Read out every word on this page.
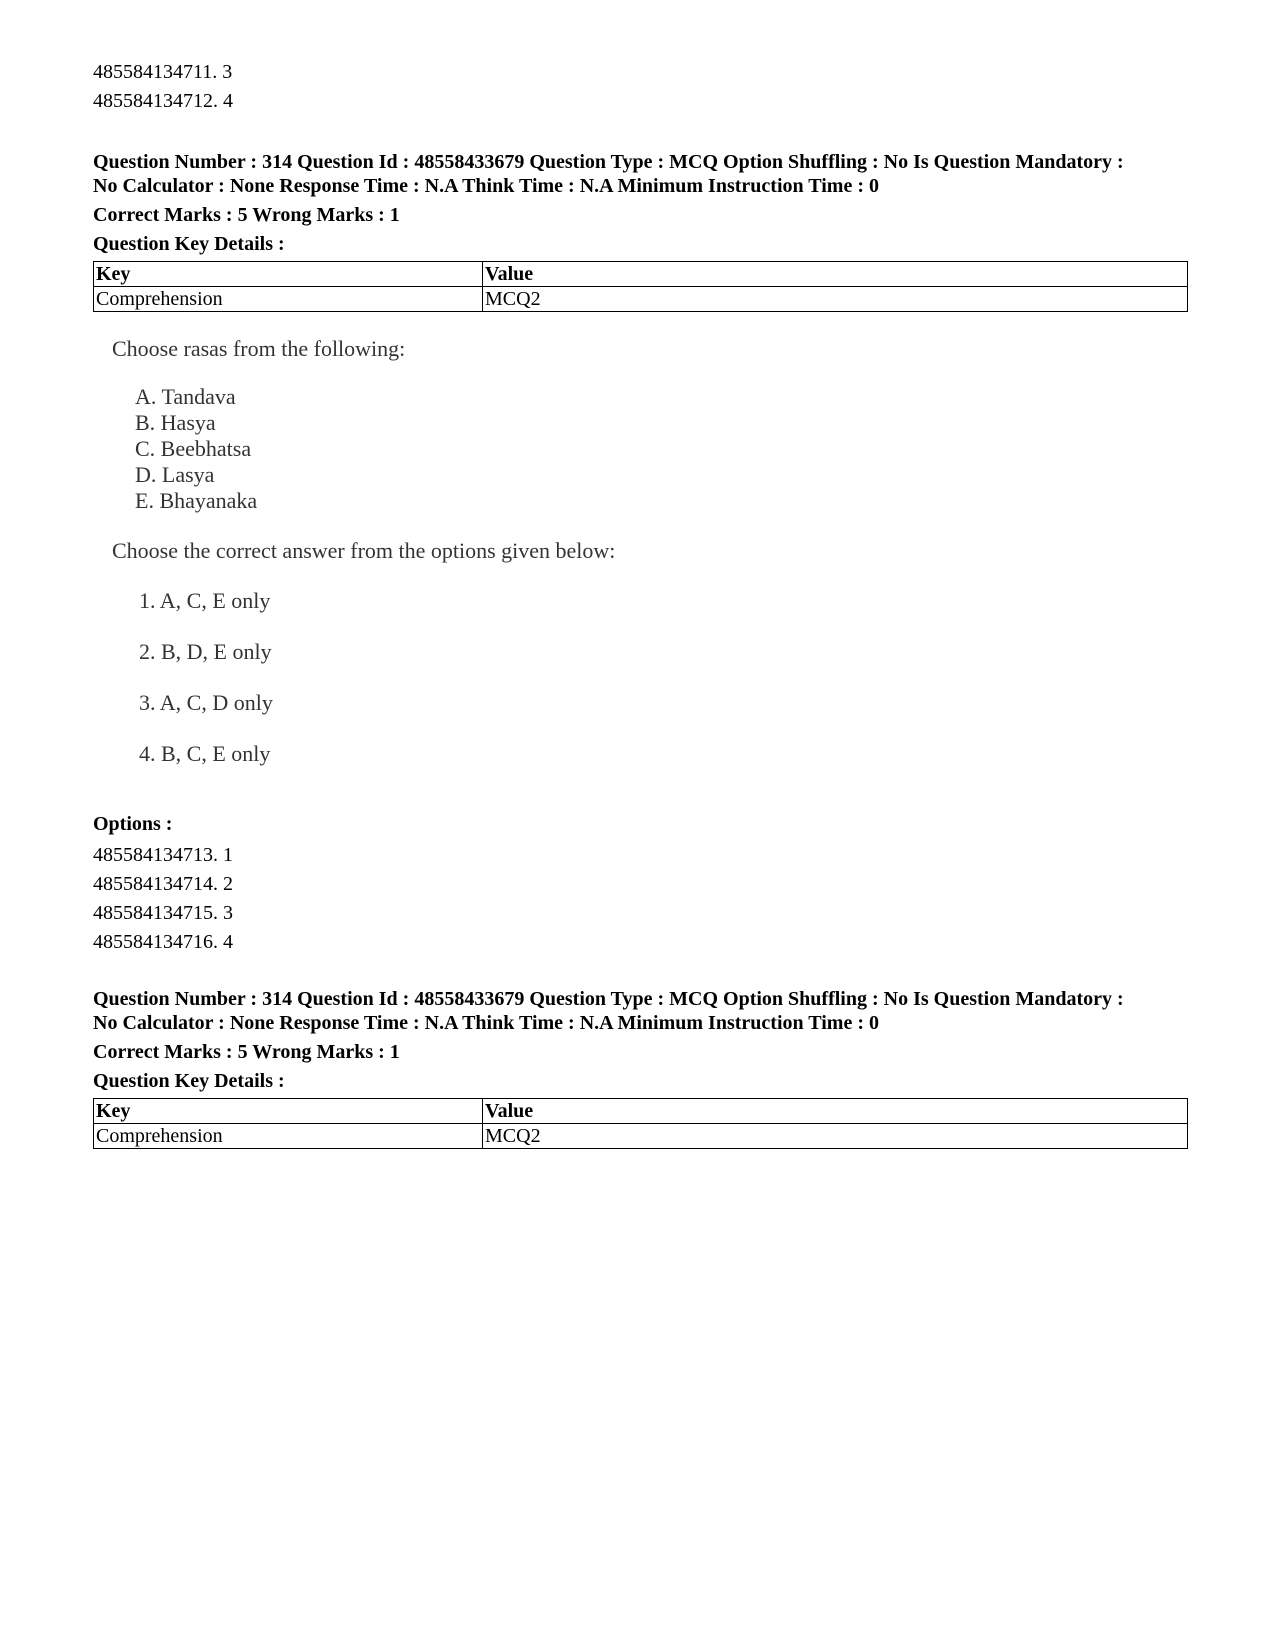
485584134711. 3
485584134712. 4
Question Number : 314 Question Id : 48558433679 Question Type : MCQ Option Shuffling : No Is Question Mandatory :
No Calculator : None Response Time : N.A Think Time : N.A Minimum Instruction Time : 0
Correct Marks : 5 Wrong Marks : 1
Question Key Details :
Key	Value
Comprehension	MCQ2
Choose rasas from the following:
A. Tandava
B. Hasya
C. Beebhatsa
D. Lasya
E. Bhayanaka
Choose the correct answer from the options given below:
1. A, C, E only
2. B, D, E only
3. A, C, D only
4. B, C, E only
Options :
485584134713. 1
485584134714. 2
485584134715. 3
485584134716. 4
Question Number : 314 Question Id : 48558433679 Question Type : MCQ Option Shuffling : No Is Question Mandatory :
No Calculator : None Response Time : N.A Think Time : N.A Minimum Instruction Time : 0
Correct Marks : 5 Wrong Marks : 1
Question Key Details :
Key	Value
Comprehension	MCQ2
